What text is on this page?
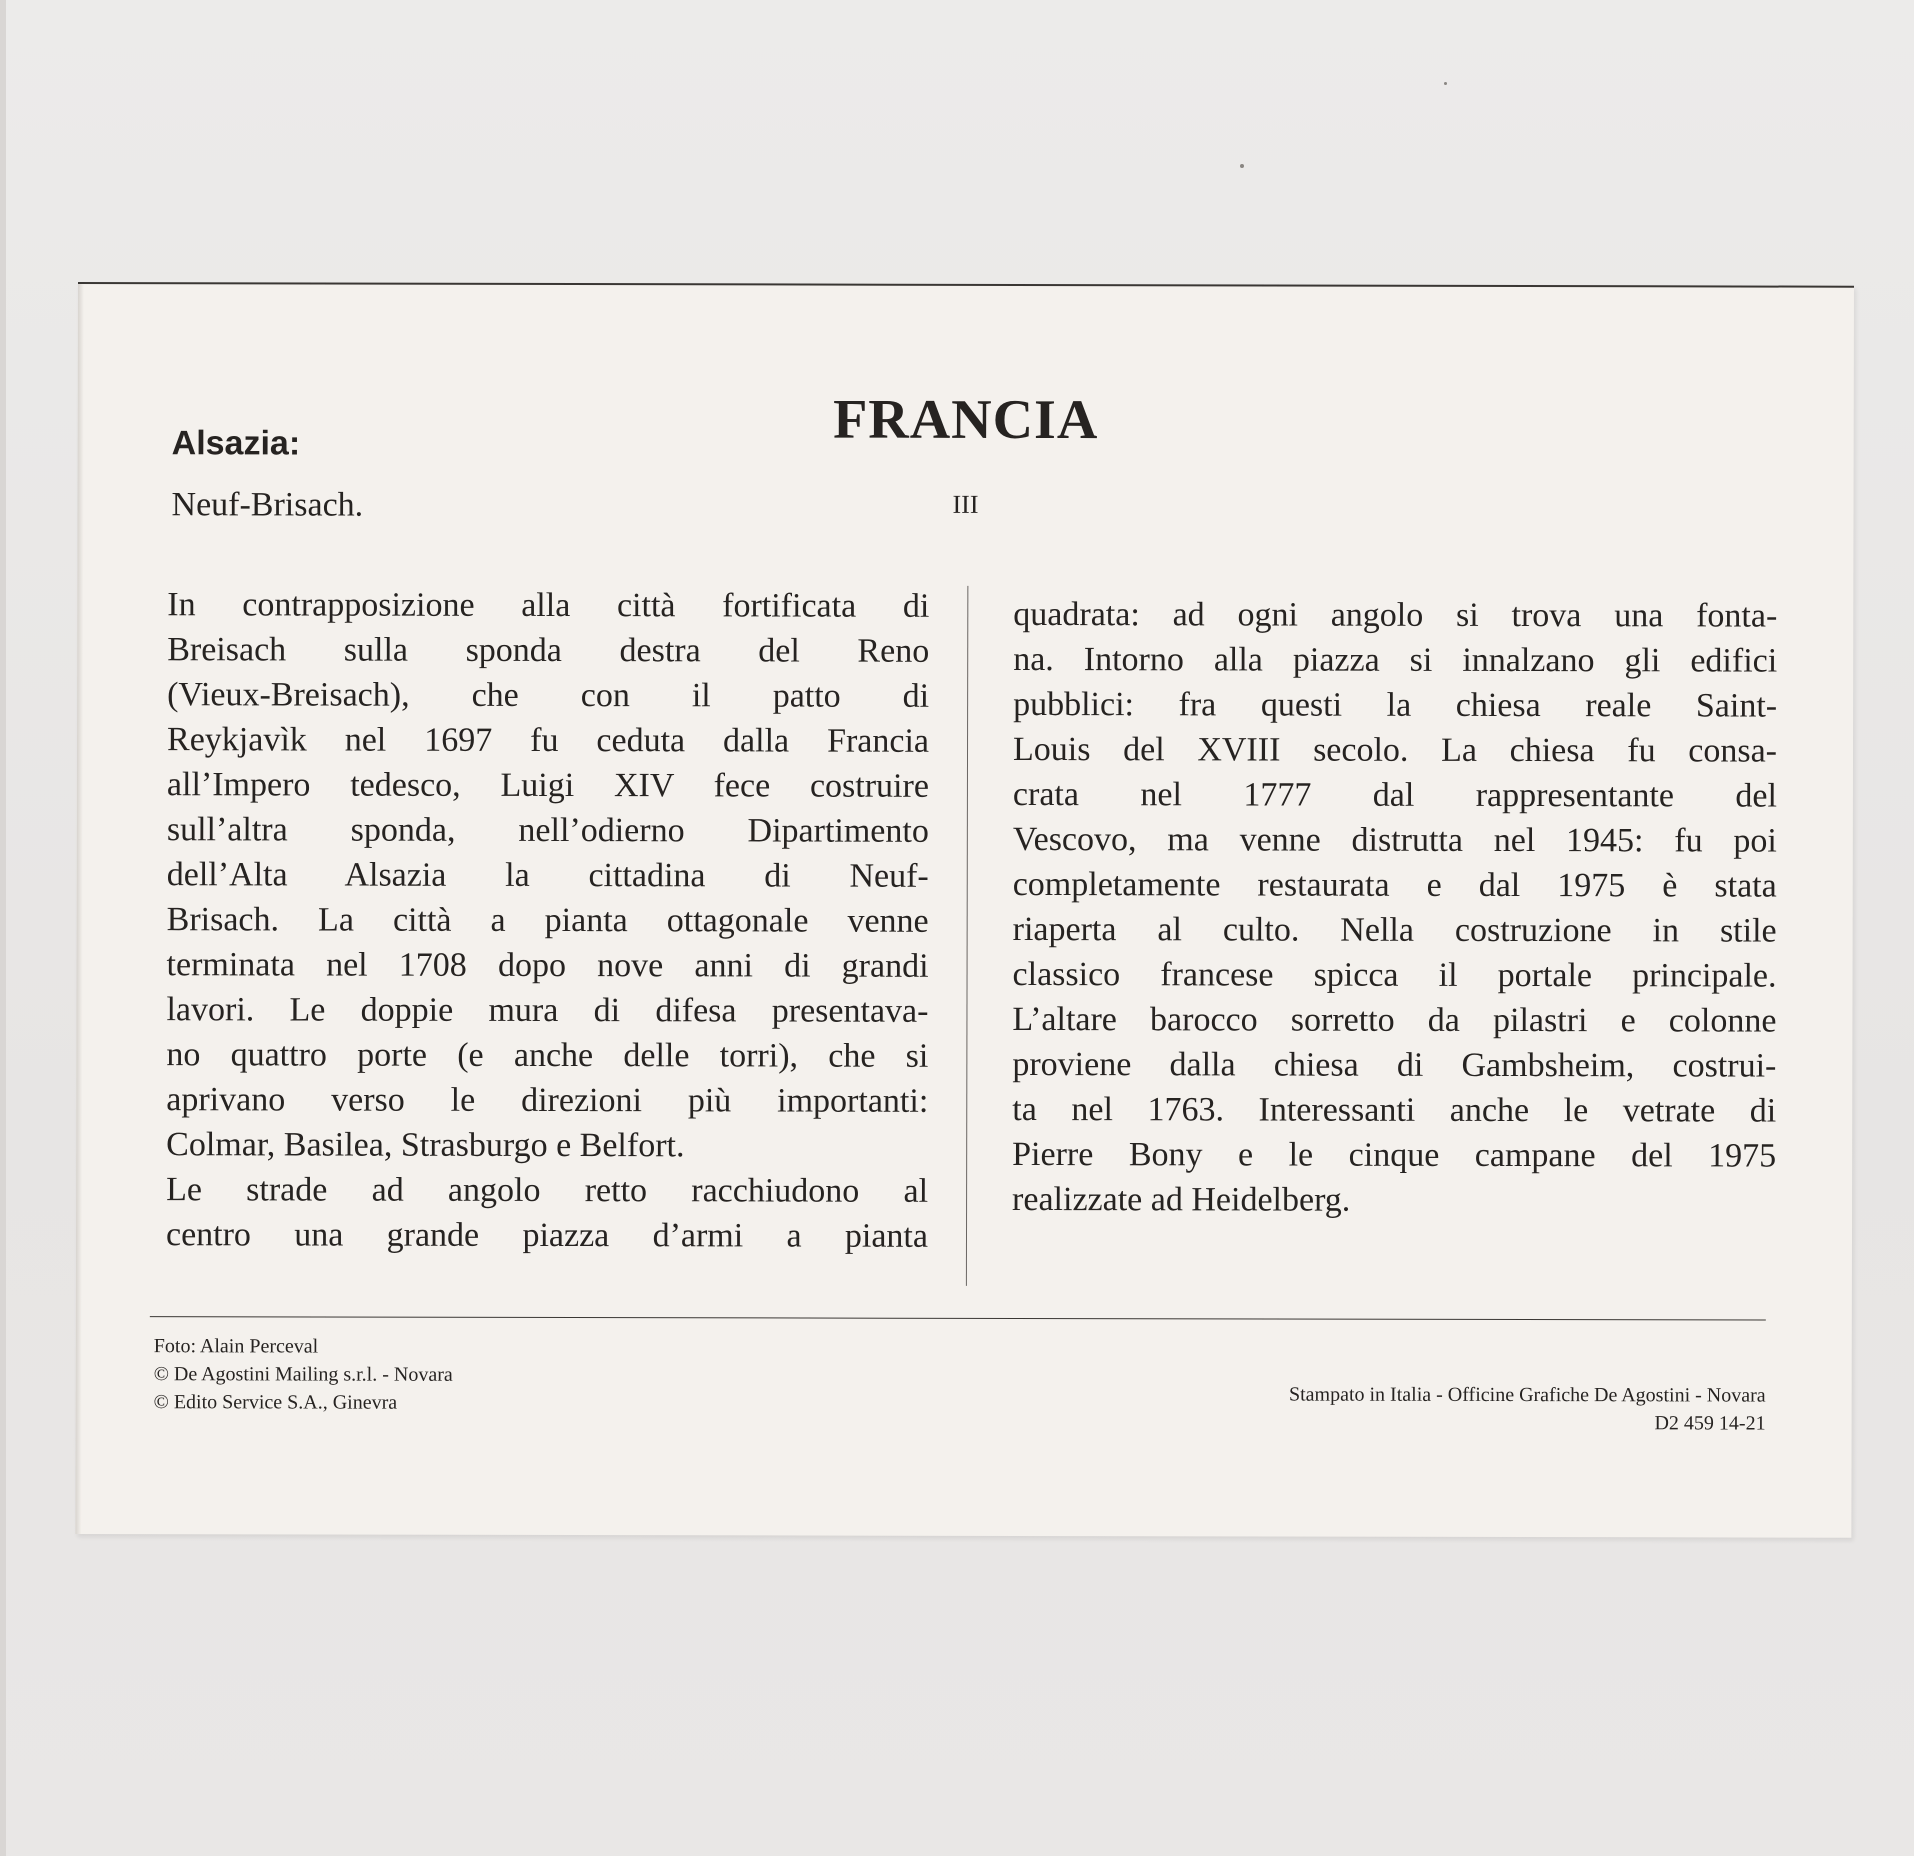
FRANCIA
III
Alsazia:
Neuf-Brisach.
In contrapposizione alla città fortificata di
Breisach sulla sponda destra del Reno
(Vieux-Breisach), che con il patto di
Reykjavìk nel 1697 fu ceduta dalla Francia
all’Impero tedesco, Luigi XIV fece costruire
sull’altra sponda, nell’odierno Dipartimento
dell’Alta Alsazia la cittadina di Neuf-
Brisach. La città a pianta ottagonale venne
terminata nel 1708 dopo nove anni di grandi
lavori. Le doppie mura di difesa presentava-
no quattro porte (e anche delle torri), che si
aprivano verso le direzioni più importanti:
Colmar, Basilea, Strasburgo e Belfort.
Le strade ad angolo retto racchiudono al
centro una grande piazza d’armi a pianta
quadrata: ad ogni angolo si trova una fonta-
na. Intorno alla piazza si innalzano gli edifici
pubblici: fra questi la chiesa reale Saint-
Louis del XVIII secolo. La chiesa fu consa-
crata nel 1777 dal rappresentante del
Vescovo, ma venne distrutta nel 1945: fu poi
completamente restaurata e dal 1975 è stata
riaperta al culto. Nella costruzione in stile
classico francese spicca il portale principale.
L’altare barocco sorretto da pilastri e colonne
proviene dalla chiesa di Gambsheim, costrui-
ta nel 1763. Interessanti anche le vetrate di
Pierre Bony e le cinque campane del 1975
realizzate ad Heidelberg.
Foto: Alain Perceval
© De Agostini Mailing s.r.l. - Novara
© Edito Service S.A., Ginevra	Stampato in Italia - Officine Grafiche De Agostini - Novara
D2 459 14-21
